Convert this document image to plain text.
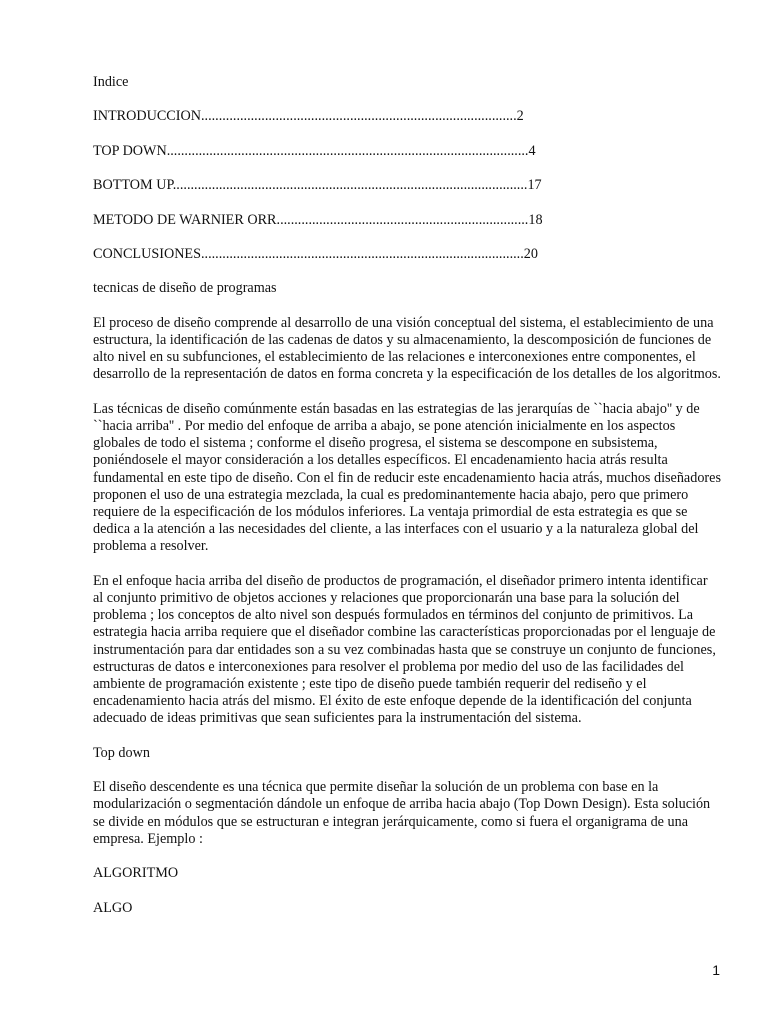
Indice

INTRODUCCION.........................................................................................2

TOP DOWN......................................................................................................4

BOTTOM UP....................................................................................................17

METODO DE WARNIER ORR.......................................................................18

CONCLUSIONES...........................................................................................20

tecnicas de diseño de programas

El proceso de diseño comprende al desarrollo de una visión conceptual del sistema, el establecimiento de una
estructura, la identificación de las cadenas de datos y su almacenamiento, la descomposición de funciones de
alto nivel en su subfunciones, el establecimiento de las relaciones e interconexiones entre componentes, el
desarrollo de la representación de datos en forma concreta y la especificación de los detalles de los algoritmos.
Las técnicas de diseño comúnmente están basadas en las estrategias de las jerarquías de ``hacia abajo'' y de
``hacia arriba'' . Por medio del enfoque de arriba a abajo, se pone atención inicialmente en los aspectos
globales de todo el sistema ; conforme el diseño progresa, el sistema se descompone en subsistema,
poniéndosele el mayor consideración a los detalles específicos. El encadenamiento hacia atrás resulta
fundamental en este tipo de diseño. Con el fin de reducir este encadenamiento hacia atrás, muchos diseñadores
proponen el uso de una estrategia mezclada, la cual es predominantemente hacia abajo, pero que primero
requiere de la especificación de los módulos inferiores. La ventaja primordial de esta estrategia es que se
dedica a la atención a las necesidades del cliente, a las interfaces con el usuario y a la naturaleza global del
problema a resolver.
En el enfoque hacia arriba del diseño de productos de programación, el diseñador primero intenta identificar
al conjunto primitivo de objetos acciones y relaciones que proporcionarán una base para la solución del
problema ; los conceptos de alto nivel son después formulados en términos del conjunto de primitivos. La
estrategia hacia arriba requiere que el diseñador combine las características proporcionadas por el lenguaje de
instrumentación para dar entidades son a su vez combinadas hasta que se construye un conjunto de funciones,
estructuras de datos e interconexiones para resolver el problema por medio del uso de las facilidades del
ambiente de programación existente ; este tipo de diseño puede también requerir del rediseño y el
encadenamiento hacia atrás del mismo. El éxito de este enfoque depende de la identificación del conjunta
adecuado de ideas primitivas que sean suficientes para la instrumentación del sistema.

Top down

El diseño descendente es una técnica que permite diseñar la solución de un problema con base en la
modularización o segmentación dándole un enfoque de arriba hacia abajo (Top Down Design). Esta solución
se divide en módulos que se estructuran e integran jerárquicamente, como si fuera el organigrama de una
empresa. Ejemplo :

ALGORITMO

ALGO

1
